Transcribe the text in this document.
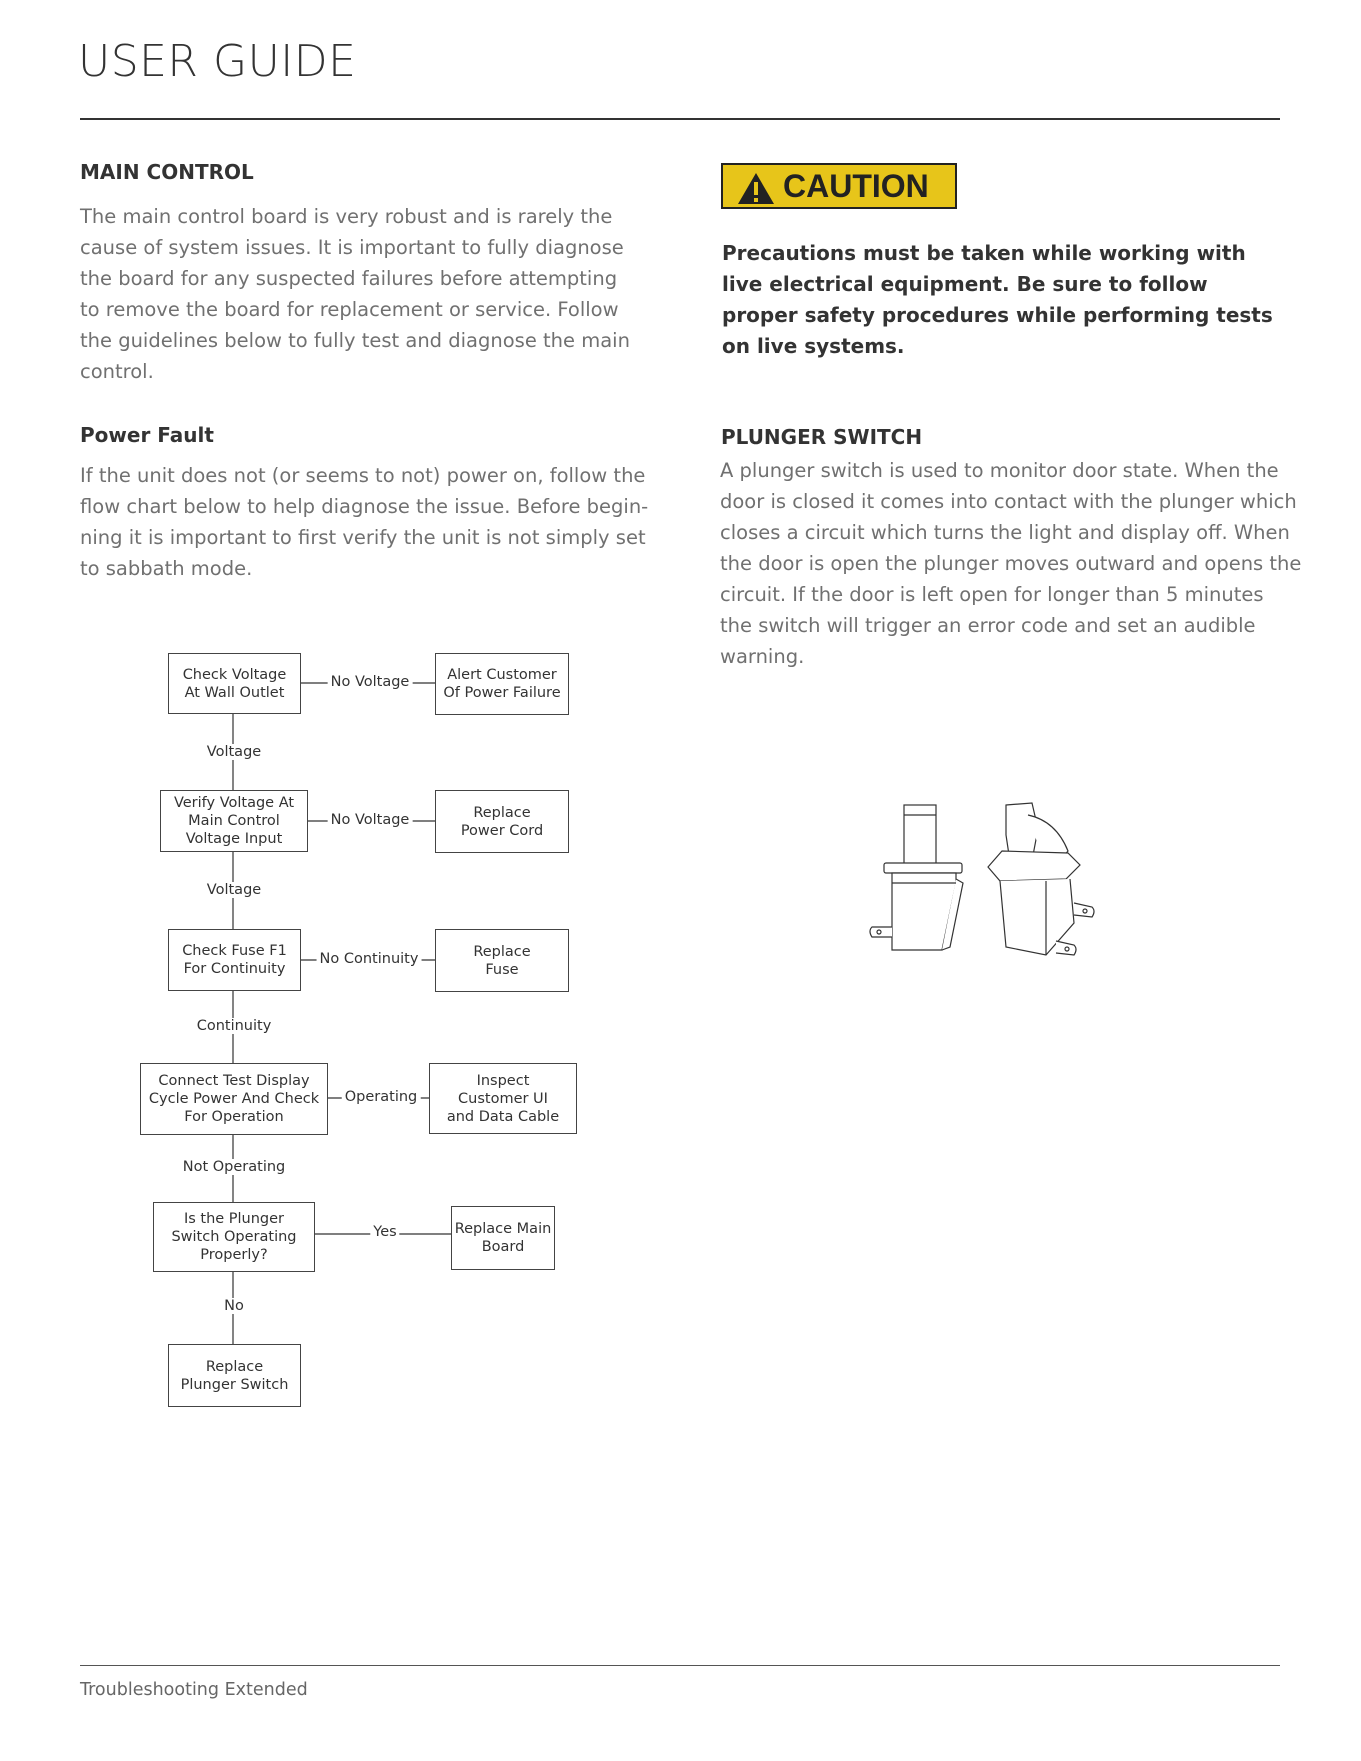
USER GUIDE
MAIN CONTROL

The main control board is very robust and is rarely the

cause of system issues. It is important to fully diagnose

the board for any suspected failures before attempting

to remove the board for replacement or service. Follow

the guidelines below to fully test and diagnose the main

control.

Power Fault

If the unit does not (or seems to not) power on, follow the

flow chart below to help diagnose the issue. Before begin-

ning it is important to first verify the unit is not simply set

to sabbath mode.

CAUTION
Precautions must be taken while working with
live electrical equipment. Be sure to follow
proper safety procedures while performing tests
on live systems.
PLUNGER SWITCH

A plunger switch is used to monitor door state. When the

door is closed it comes into contact with the plunger which

closes a circuit which turns the light and display off. When

the door is open the plunger moves outward and opens the

circuit. If the door is left open for longer than 5 minutes

the switch will trigger an error code and set an audible

warning.

Check Voltage
At Wall Outlet
Verify Voltage At
Main Control
Voltage Input
Check Fuse F1
For Continuity
Connect Test Display
Cycle Power And Check
For Operation
Is the Plunger
Switch Operating
Properly?
Replace
Plunger Switch
Alert Customer
Of Power Failure
Replace
Power Cord
Replace
Fuse
Inspect
Customer UI
and Data Cable
Replace Main
Board
No Voltage
No Voltage
No Continuity
Operating
Yes
Voltage
Voltage
Continuity
Not Operating
No
Troubleshooting Extended
